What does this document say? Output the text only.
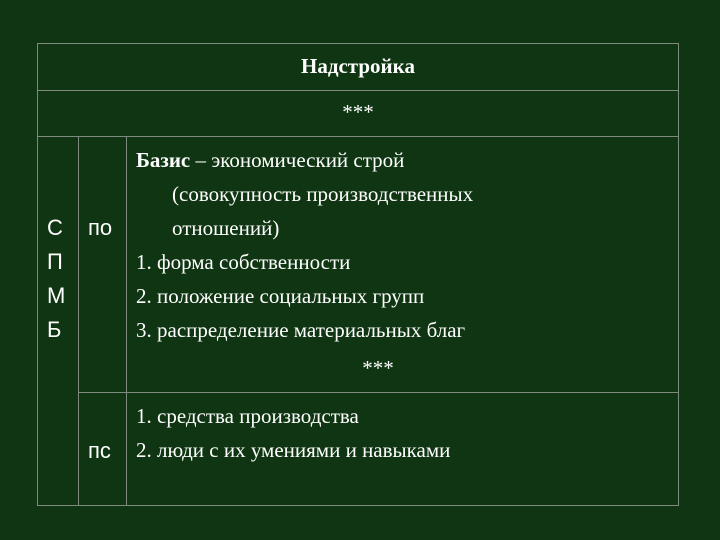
Надстройка
***
С
П
М
Б
по
Базис – экономический строй
(совокупность производственных
отношений)
1. форма собственности
2. положение социальных групп
3. распределение материальных благ
***
пс
1. средства производства
2. люди с их умениями и навыками
